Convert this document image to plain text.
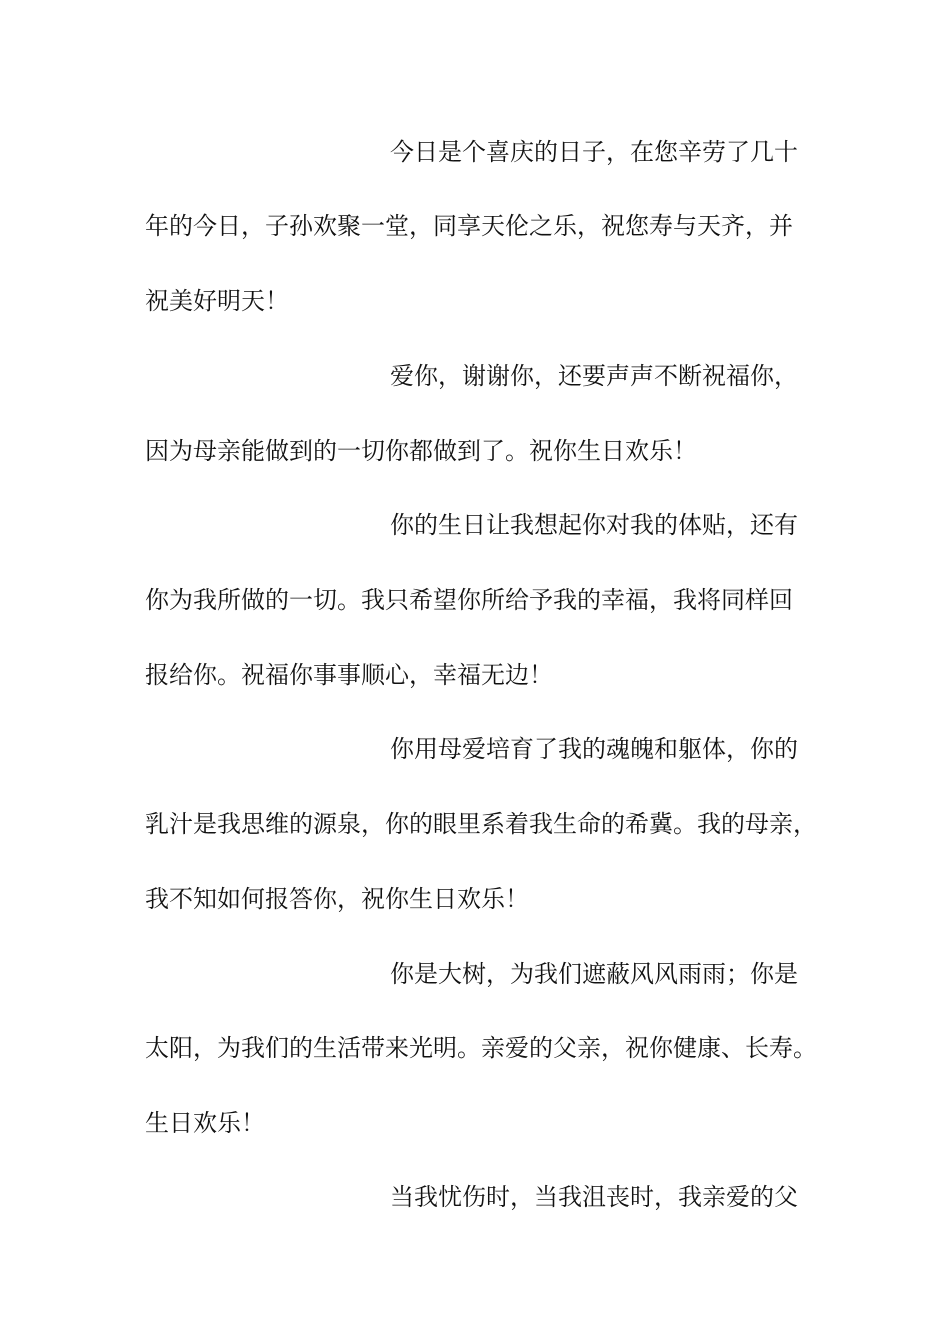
今日是个喜庆的日子，在您辛劳了几十
年的今日，子孙欢聚一堂，同享天伦之乐，祝您寿与天齐，并
祝美好明天！
爱你，谢谢你，还要声声不断祝福你，
因为母亲能做到的一切你都做到了。祝你生日欢乐！
你的生日让我想起你对我的体贴，还有
你为我所做的一切。我只希望你所给予我的幸福，我将同样回
报给你。祝福你事事顺心，幸福无边！
你用母爱培育了我的魂魄和躯体，你的
乳汁是我思维的源泉，你的眼里系着我生命的希冀。我的母亲，
我不知如何报答你，祝你生日欢乐！
你是大树，为我们遮蔽风风雨雨；你是
太阳，为我们的生活带来光明。亲爱的父亲，祝你健康、长寿。
生日欢乐！
当我忧伤时，当我沮丧时，我亲爱的父
